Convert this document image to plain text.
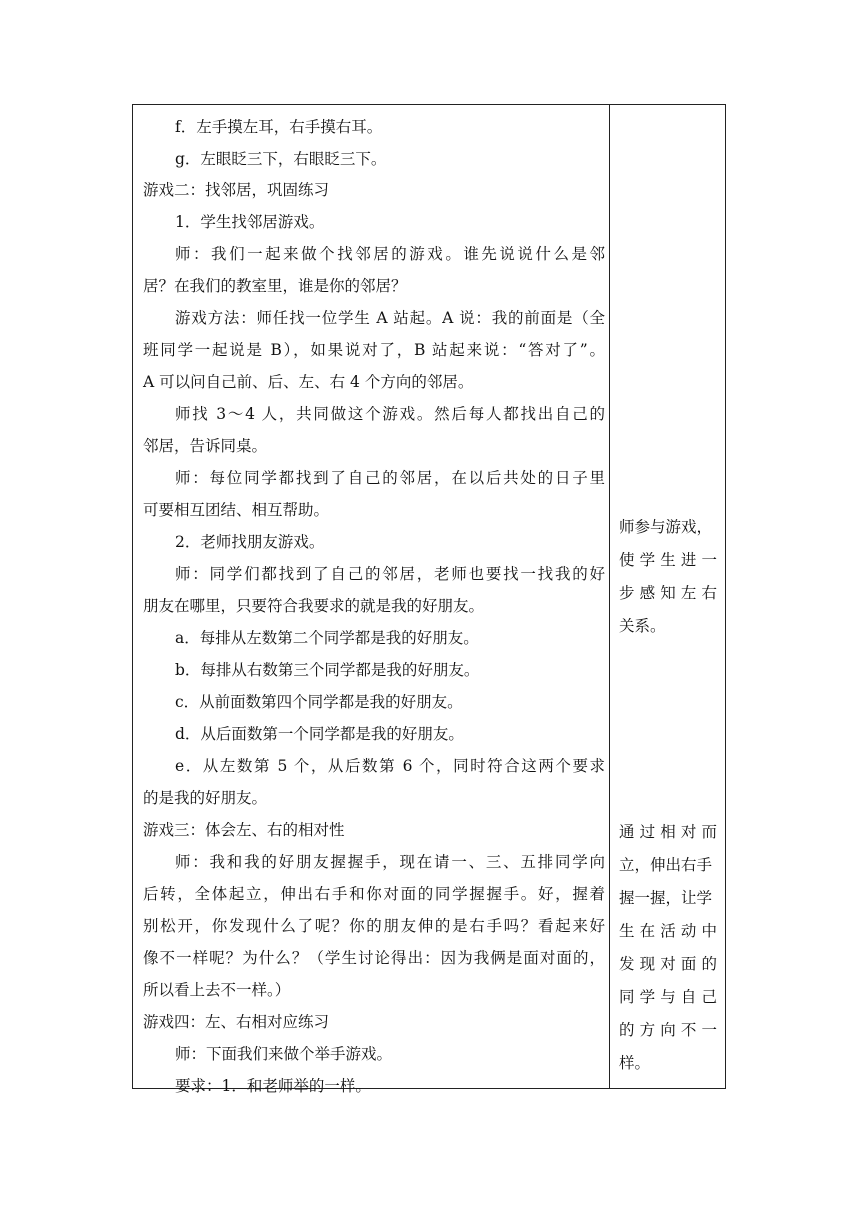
f．左手摸左耳，右手摸右耳。
g．左眼眨三下，右眼眨三下。
游戏二：找邻居，巩固练习
1．学生找邻居游戏。
师：我们一起来做个找邻居的游戏。谁先说说什么是邻
居？在我们的教室里，谁是你的邻居？
游戏方法：师任找一位学生 A 站起。A 说：我的前面是（全
班同学一起说是 B），如果说对了，B 站起来说：“答对了”。
A 可以问自己前、后、左、右 4 个方向的邻居。
师找 3～4 人，共同做这个游戏。然后每人都找出自己的
邻居，告诉同桌。
师：每位同学都找到了自己的邻居，在以后共处的日子里
可要相互团结、相互帮助。
2．老师找朋友游戏。
师：同学们都找到了自己的邻居，老师也要找一找我的好
朋友在哪里，只要符合我要求的就是我的好朋友。
a．每排从左数第二个同学都是我的好朋友。
b．每排从右数第三个同学都是我的好朋友。
c．从前面数第四个同学都是我的好朋友。
d．从后面数第一个同学都是我的好朋友。
e．从左数第 5 个，从后数第 6 个，同时符合这两个要求
的是我的好朋友。
游戏三：体会左、右的相对性
师：我和我的好朋友握握手，现在请一、三、五排同学向
后转，全体起立，伸出右手和你对面的同学握握手。好，握着
别松开，你发现什么了呢？你的朋友伸的是右手吗？看起来好
像不一样呢？为什么？（学生讨论得出：因为我俩是面对面的，
所以看上去不一样。）
游戏四：左、右相对应练习
师：下面我们来做个举手游戏。
要求：1．和老师举的一样。
师参与游戏，
使学生进一
步感知左右
关系。
通过相对而
立，伸出右手
握一握，让学
生在活动中
发现对面的
同学与自己
的方向不一
样。
